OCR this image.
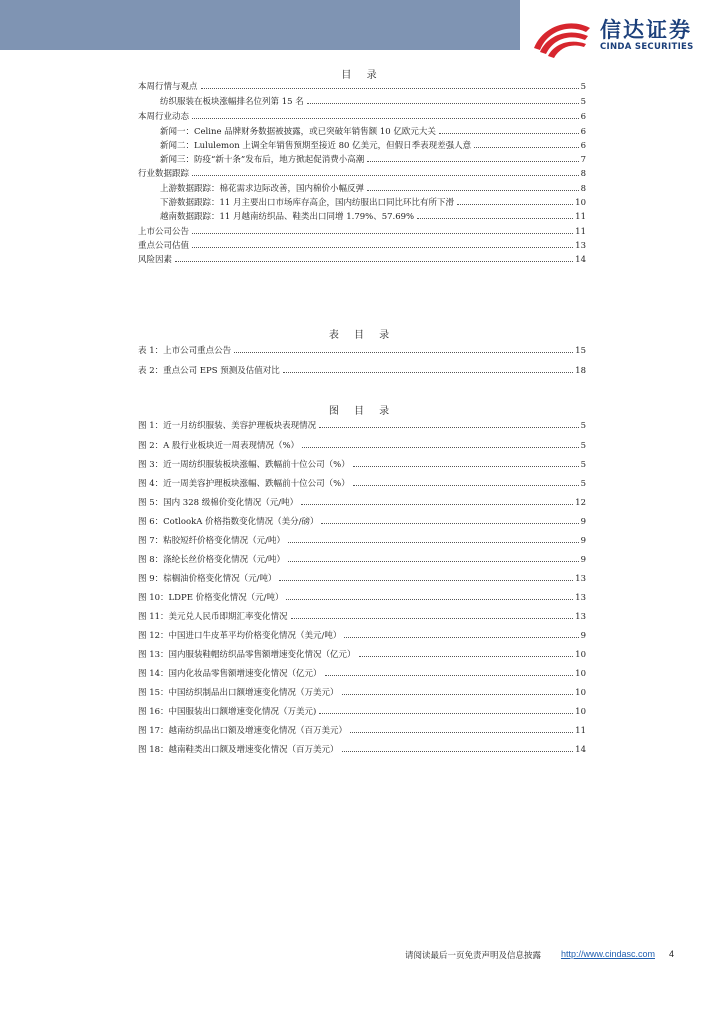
信达证券
CINDA SECURITIES
目 录
本周行情与观点	5
纺织服装在板块涨幅排名位列第 15 名	5
本周行业动态	6
新闻一：Celine 品牌财务数据被披露，或已突破年销售额 10 亿欧元大关	6
新闻二：Lululemon 上调全年销售预期至接近 80 亿美元，但假日季表现差强人意	6
新闻三：防疫“新十条”发布后，地方掀起促消费小高潮	7
行业数据跟踪	8
上游数据跟踪：棉花需求边际改善，国内棉价小幅反弹	8
下游数据跟踪：11 月主要出口市场库存高企，国内纺服出口同比环比有所下滑	10
越南数据跟踪：11 月越南纺织品、鞋类出口同增 1.79%、57.69%	11
上市公司公告	11
重点公司估值	13
风险因素	14
表 目 录
表 1：上市公司重点公告	15
表 2：重点公司 EPS 预测及估值对比	18
图 目 录
图 1：近一月纺织服装、美容护理板块表现情况	5
图 2：A 股行业板块近一周表现情况（%）	5
图 3：近一周纺织服装板块涨幅、跌幅前十位公司（%）	5
图 4：近一周美容护理板块涨幅、跌幅前十位公司（%）	5
图 5：国内 328 级棉价变化情况（元/吨）	12
图 6：CotlookA 价格指数变化情况（美分/磅）	9
图 7：粘胶短纤价格变化情况（元/吨）	9
图 8：涤纶长丝价格变化情况（元/吨）	9
图 9：棕榈油价格变化情况（元/吨）	13
图 10：LDPE 价格变化情况（元/吨）	13
图 11：美元兑人民币即期汇率变化情况	13
图 12：中国进口牛皮革平均价格变化情况（美元/吨）	9
图 13：国内服装鞋帽纺织品零售额增速变化情况（亿元）	10
图 14：国内化妆品零售额增速变化情况（亿元）	10
图 15：中国纺织制品出口额增速变化情况（万美元）	10
图 16：中国服装出口额增速变化情况（万美元)	10
图 17：越南纺织品出口额及增速变化情况（百万美元）	11
图 18：越南鞋类出口额及增速变化情况（百万美元）	14
请阅读最后一页免责声明及信息披露 http://www.cindasc.com 4
